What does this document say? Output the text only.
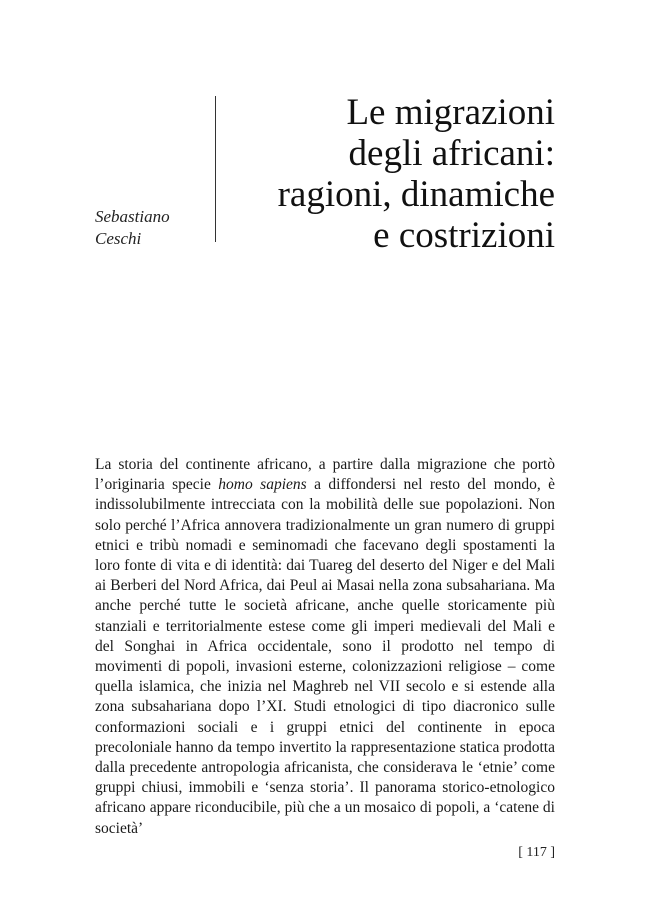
Sebastiano
Ceschi
Le migrazioni
degli africani:
ragioni, dinamiche
e costrizioni

La storia del continente africano, a partire dalla migrazione che portò l’originaria specie homo sapiens a diffondersi nel resto del mondo, è indissolubilmente intrecciata con la mobilità delle sue popolazioni. Non solo perché l’Africa annovera tradizionalmente un gran numero di gruppi etnici e tribù nomadi e seminomadi che facevano degli spostamenti la loro fonte di vita e di identità: dai Tuareg del deserto del Niger e del Mali ai Berberi del Nord Africa, dai Peul ai Masai nella zona subsahariana. Ma anche perché tutte le società africane, anche quelle storicamente più stanziali e territorialmente estese come gli imperi medievali del Mali e del Songhai in Africa occidentale, sono il prodotto nel tempo di movimenti di popoli, invasioni esterne, colonizzazioni religiose – come quella islamica, che inizia nel Maghreb nel VII secolo e si estende alla zona subsahariana dopo l’XI. Studi etnologici di tipo diacronico sulle conformazioni sociali e i gruppi etnici del continente in epoca precoloniale hanno da tempo invertito la rappresentazione statica prodotta dalla precedente antropologia africanista, che considerava le ‘etnie’ come gruppi chiusi, immobili e ‘senza storia’. Il panorama storico-etnologico africano appare riconducibile, più che a un mosaico di popoli, a ‘catene di società’

[ 117 ]
